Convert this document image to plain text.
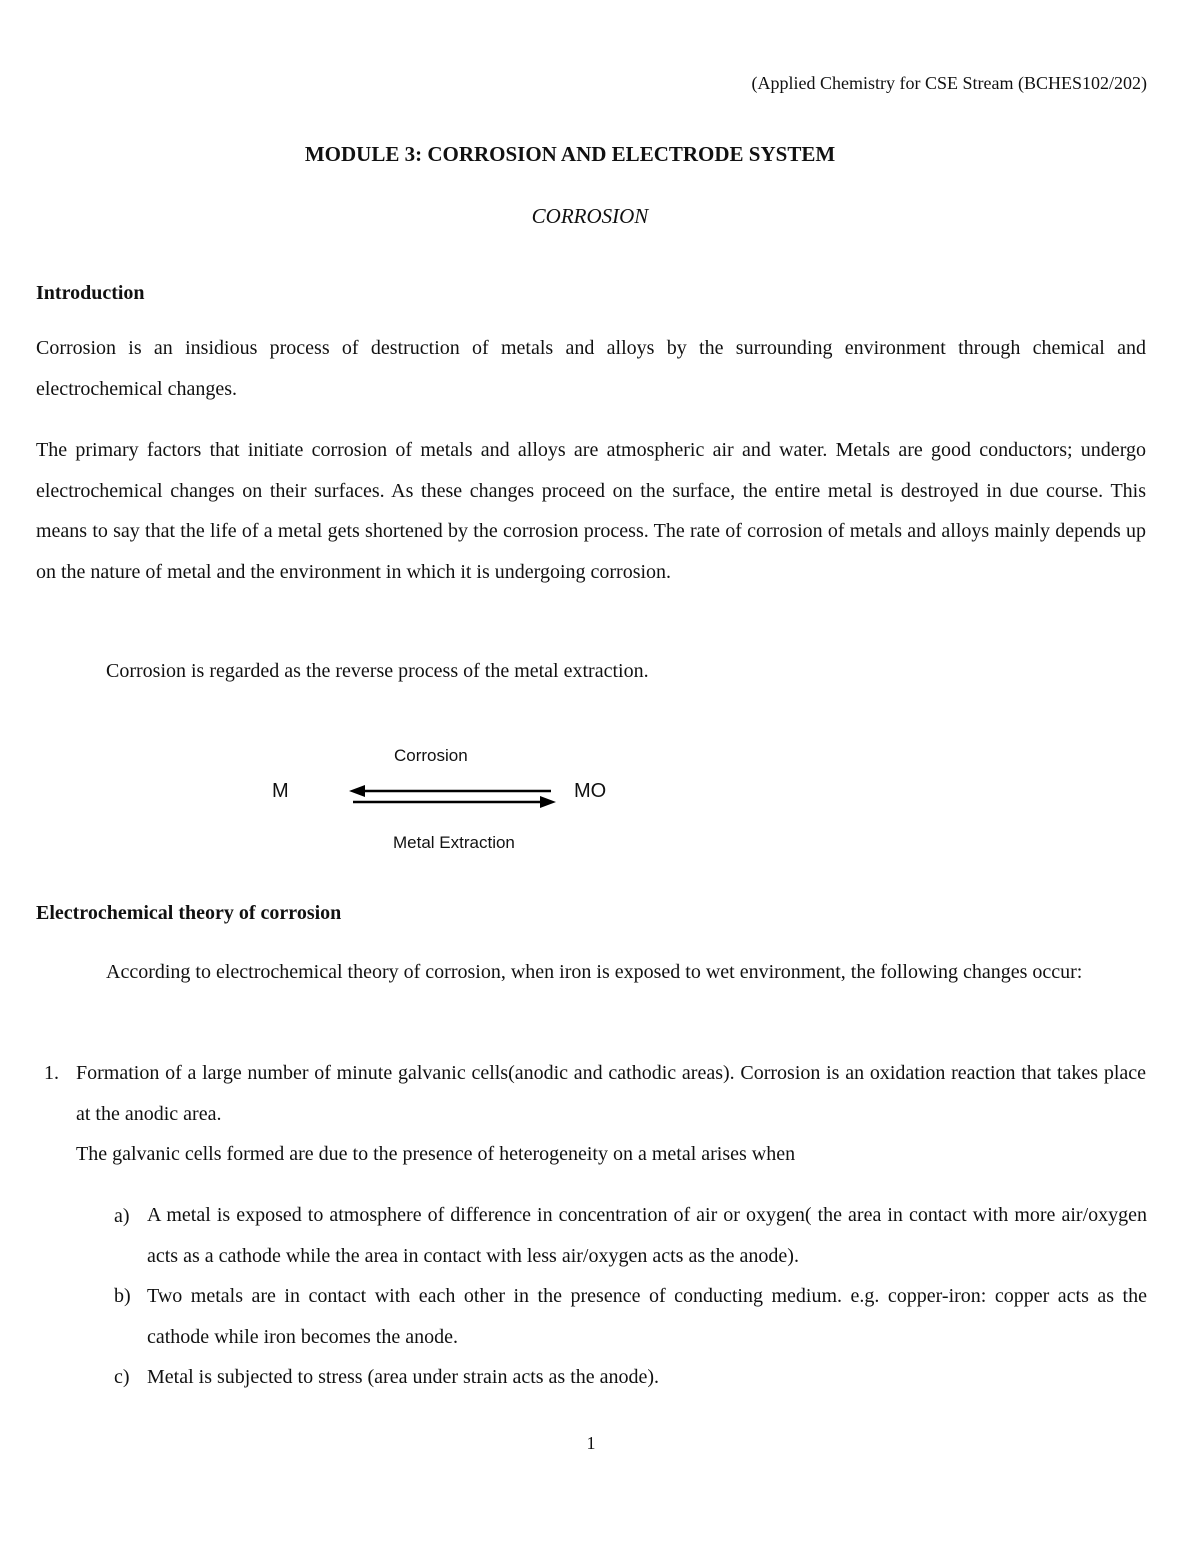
(Applied Chemistry for CSE Stream (BCHES102/202)
MODULE 3: CORROSION AND ELECTRODE SYSTEM
CORROSION
Introduction

Corrosion is an insidious process of destruction of metals and alloys by the surrounding environment through chemical and electrochemical changes.

The primary factors that initiate corrosion of metals and alloys are atmospheric air and water. Metals are good conductors; undergo electrochemical changes on their surfaces. As these changes proceed on the surface, the entire metal is destroyed in due course. This means to say that the life of a metal gets shortened by the corrosion process. The rate of corrosion of metals and alloys mainly depends up on the nature of metal and the environment in which it is undergoing corrosion.

Corrosion is regarded as the reverse process of the metal extraction.
M	MO
Corrosion
Metal Extraction
Electrochemical theory of corrosion

According to electrochemical theory of corrosion, when iron is exposed to wet environment, the following changes occur:

1. Formation of a large number of minute galvanic cells(anodic and cathodic areas). Corrosion is an oxidation reaction that takes place at the anodic area.

The galvanic cells formed are due to the presence of heterogeneity on a metal arises when
a) A metal is exposed to atmosphere of difference in concentration of air or oxygen( the area in contact with more air/oxygen acts as a cathode while the area in contact with less air/oxygen acts as the anode).

b) Two metals are in contact with each other in the presence of conducting medium. e.g. copper-iron: copper acts as the cathode while iron becomes the anode.

c) Metal is subjected to stress (area under strain acts as the anode).

1
